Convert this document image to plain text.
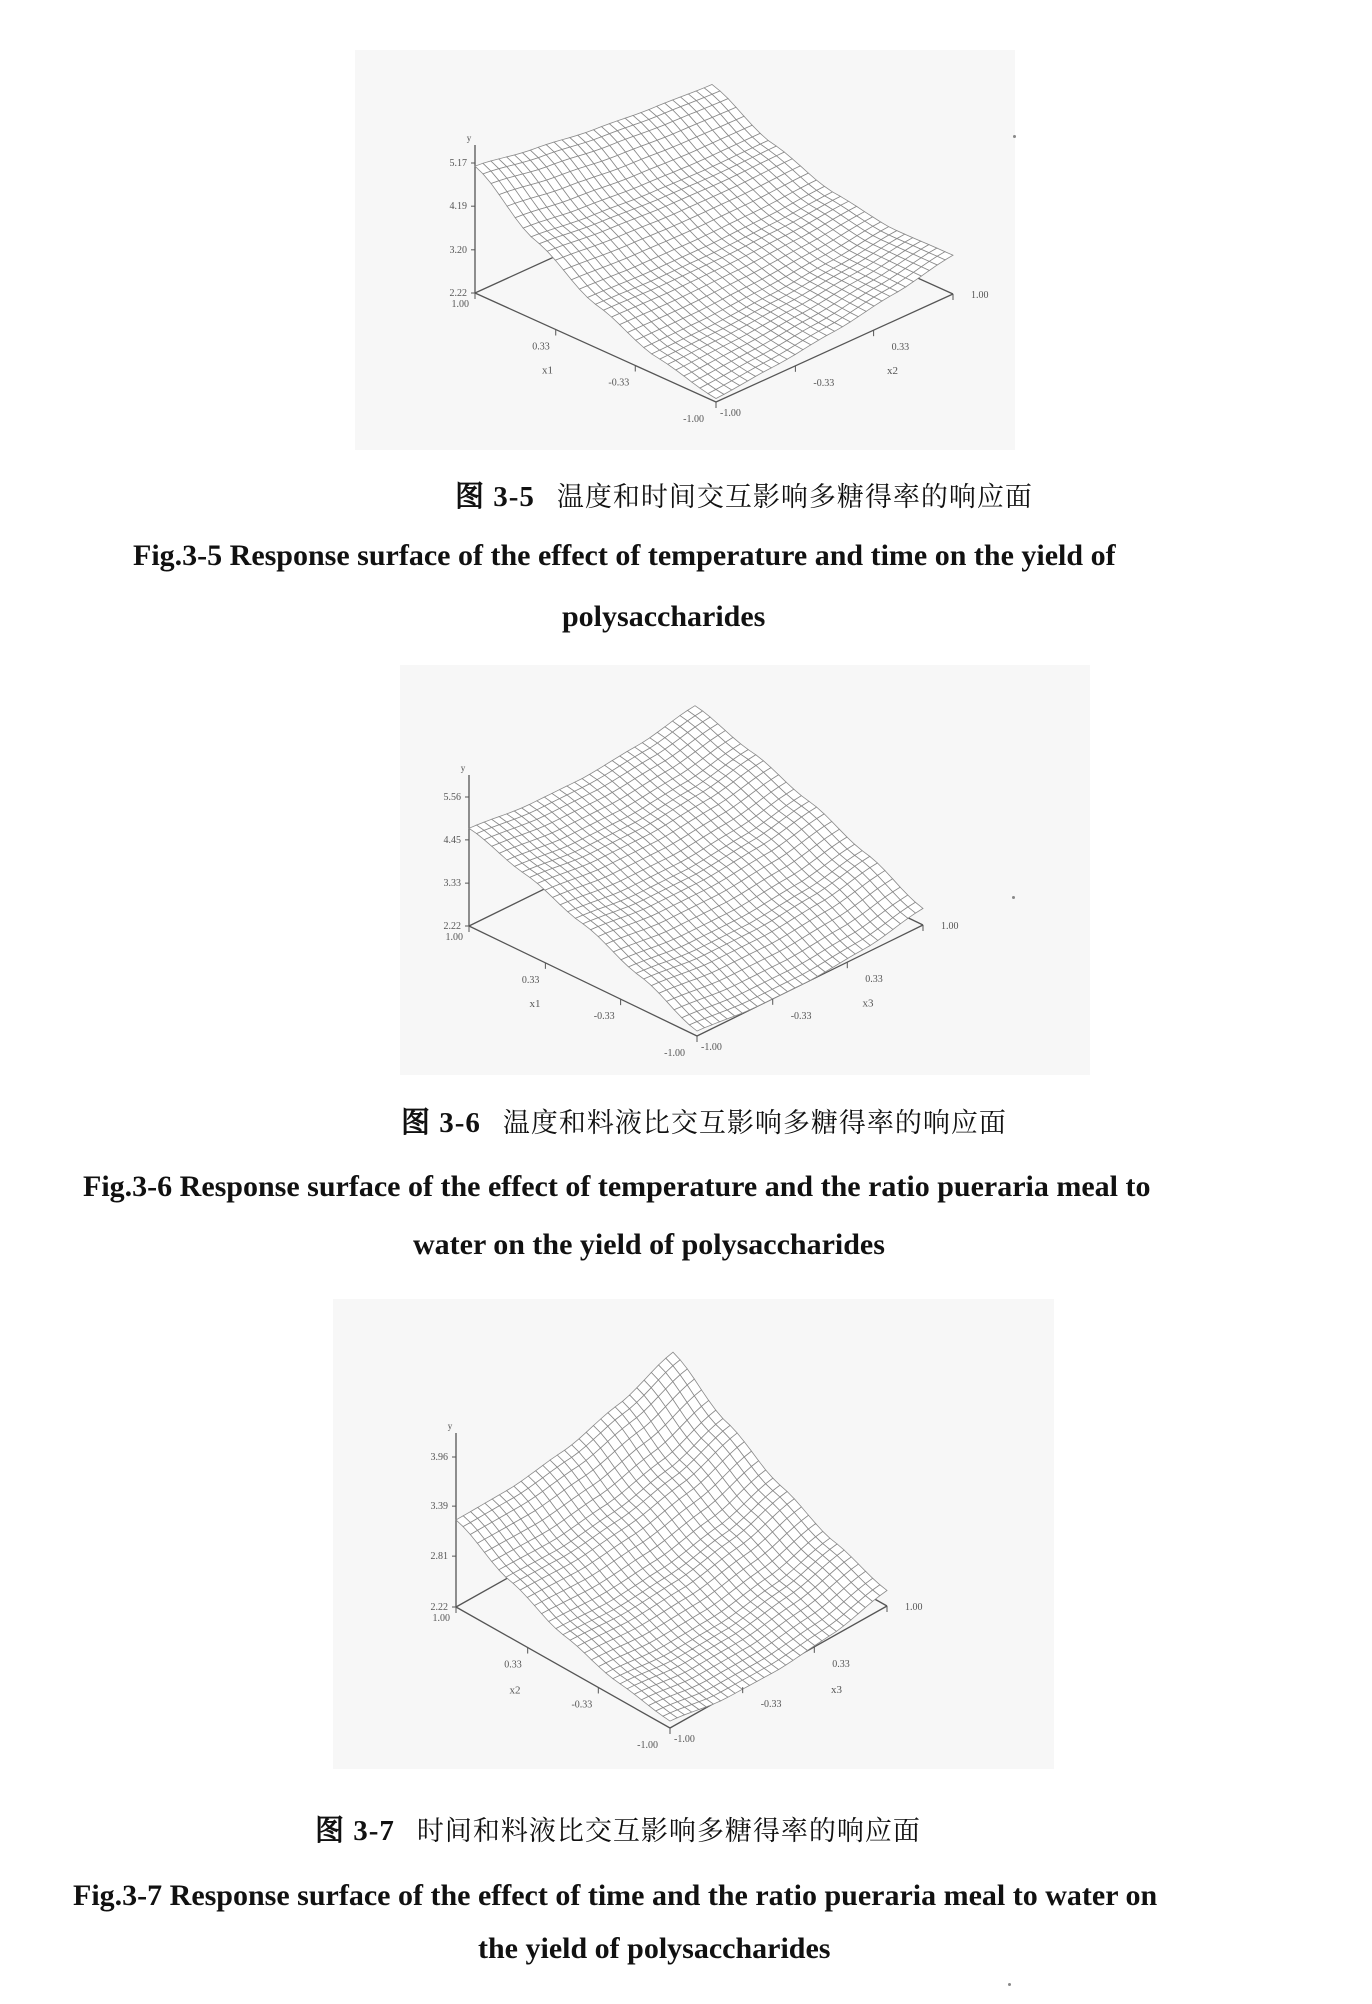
2.22
3.20
4.19
5.17
y
1.00
0.33
-0.33
-1.00
x1
-1.00
-0.33
0.33
1.00
x2
2.22
3.33
4.45
5.56
y
1.00
0.33
-0.33
-1.00
x1
-1.00
-0.33
0.33
1.00
x3
2.22
2.81
3.39
3.96
y
1.00
0.33
-0.33
-1.00
x2
-1.00
-0.33
0.33
1.00
x3
图 3-5 温度和时间交互影响多糖得率的响应面
Fig.3-5 Response surface of the effect of temperature and time on the yield of
polysaccharides
图 3-6 温度和料液比交互影响多糖得率的响应面
Fig.3-6 Response surface of the effect of temperature and the ratio pueraria meal to
water on the yield of polysaccharides
图 3-7 时间和料液比交互影响多糖得率的响应面
Fig.3-7 Response surface of the effect of time and the ratio pueraria meal to water on
the yield of polysaccharides
